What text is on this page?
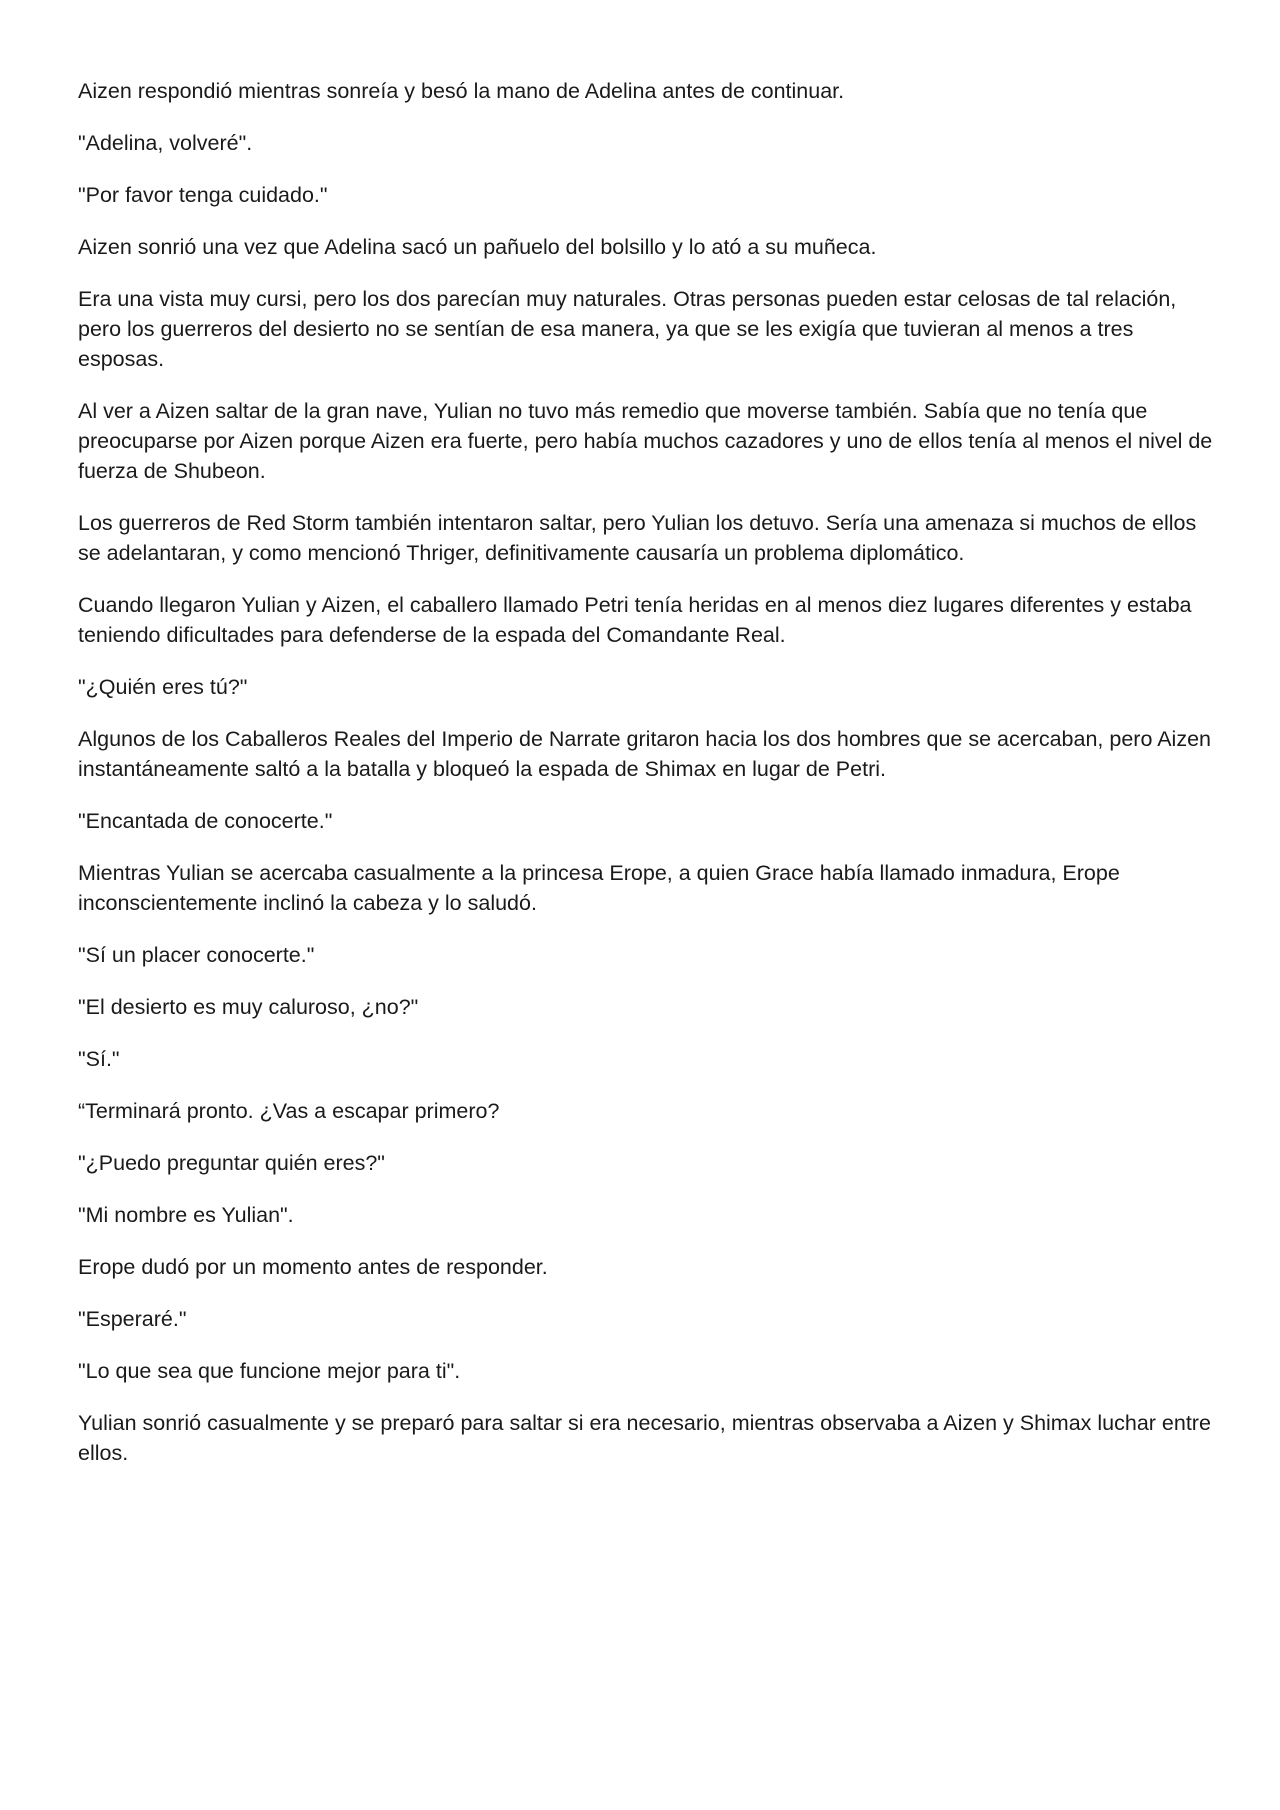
Aizen respondió mientras sonreía y besó la mano de Adelina antes de continuar.

"Adelina, volveré".

"Por favor tenga cuidado."

Aizen sonrió una vez que Adelina sacó un pañuelo del bolsillo y lo ató a su muñeca.

Era una vista muy cursi, pero los dos parecían muy naturales. Otras personas pueden estar celosas de tal relación, pero los guerreros del desierto no se sentían de esa manera, ya que se les exigía que tuvieran al menos a tres esposas.

Al ver a Aizen saltar de la gran nave, Yulian no tuvo más remedio que moverse también. Sabía que no tenía que preocuparse por Aizen porque Aizen era fuerte, pero había muchos cazadores y uno de ellos tenía al menos el nivel de fuerza de Shubeon.

Los guerreros de Red Storm también intentaron saltar, pero Yulian los detuvo. Sería una amenaza si muchos de ellos se adelantaran, y como mencionó Thriger, definitivamente causaría un problema diplomático.

Cuando llegaron Yulian y Aizen, el caballero llamado Petri tenía heridas en al menos diez lugares diferentes y estaba teniendo dificultades para defenderse de la espada del Comandante Real.

"¿Quién eres tú?"

Algunos de los Caballeros Reales del Imperio de Narrate gritaron hacia los dos hombres que se acercaban, pero Aizen instantáneamente saltó a la batalla y bloqueó la espada de Shimax en lugar de Petri.

"Encantada de conocerte."

Mientras Yulian se acercaba casualmente a la princesa Erope, a quien Grace había llamado inmadura, Erope inconscientemente inclinó la cabeza y lo saludó.

"Sí un placer conocerte."

"El desierto es muy caluroso, ¿no?"

"Sí."

“Terminará pronto. ¿Vas a escapar primero?

"¿Puedo preguntar quién eres?"

"Mi nombre es Yulian".

Erope dudó por un momento antes de responder.

"Esperaré."

"Lo que sea que funcione mejor para ti".

Yulian sonrió casualmente y se preparó para saltar si era necesario, mientras observaba a Aizen y Shimax luchar entre ellos.
